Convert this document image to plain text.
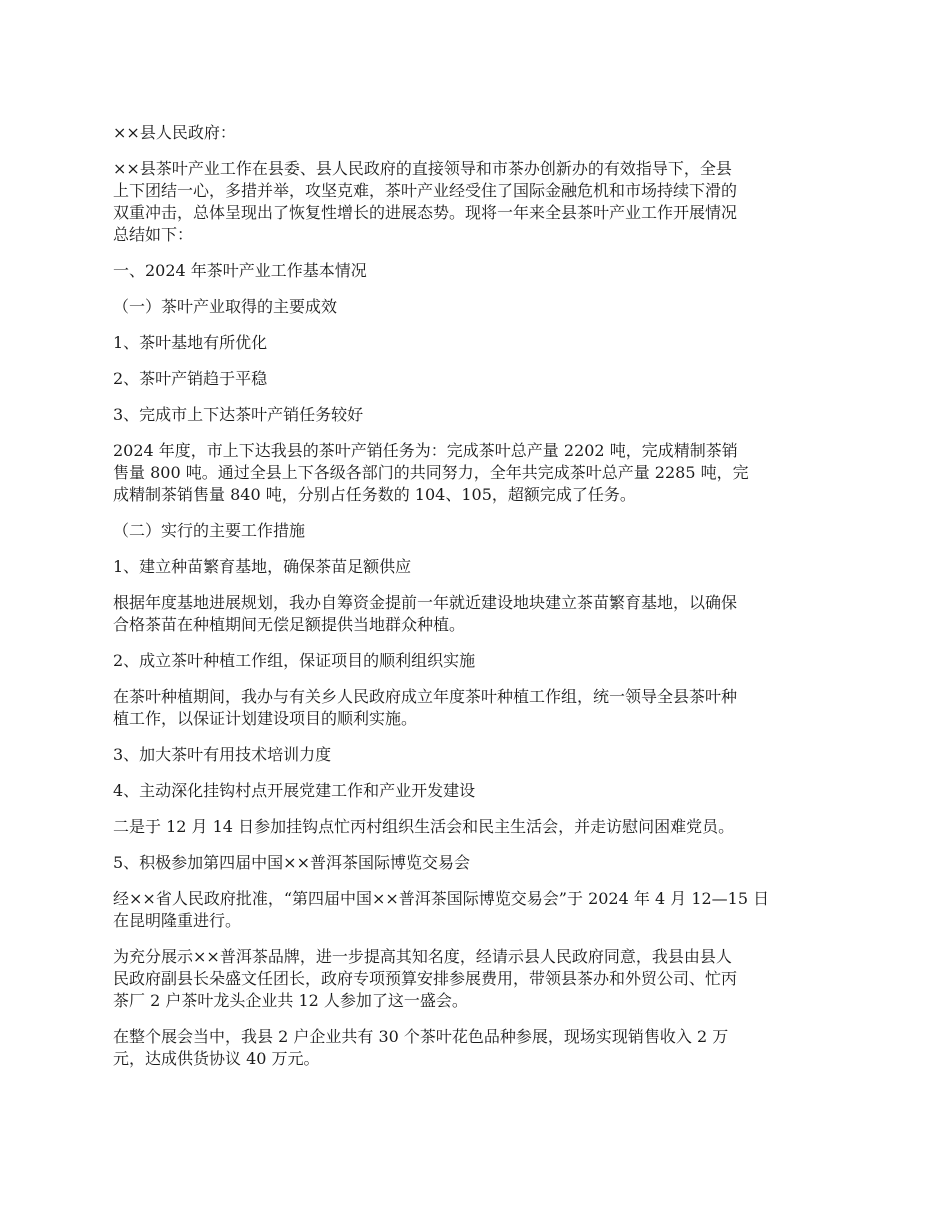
××县人民政府：

××县茶叶产业工作在县委、县人民政府的直接领导和市茶办创新办的有效指导下，全县
上下团结一心，多措并举，攻坚克难，茶叶产业经受住了国际金融危机和市场持续下滑的
双重冲击，总体呈现出了恢复性增长的进展态势。现将一年来全县茶叶产业工作开展情况
总结如下：

一、2024 年茶叶产业工作基本情况

（一）茶叶产业取得的主要成效

1、茶叶基地有所优化

2、茶叶产销趋于平稳

3、完成市上下达茶叶产销任务较好

2024 年度，市上下达我县的茶叶产销任务为：完成茶叶总产量 2202 吨，完成精制茶销
售量 800 吨。通过全县上下各级各部门的共同努力，全年共完成茶叶总产量 2285 吨，完
成精制茶销售量 840 吨，分别占任务数的 104、105，超额完成了任务。

（二）实行的主要工作措施

1、建立种苗繁育基地，确保茶苗足额供应

根据年度基地进展规划，我办自筹资金提前一年就近建设地块建立茶苗繁育基地，以确保
合格茶苗在种植期间无偿足额提供当地群众种植。

2、成立茶叶种植工作组，保证项目的顺利组织实施

在茶叶种植期间，我办与有关乡人民政府成立年度茶叶种植工作组，统一领导全县茶叶种
植工作，以保证计划建设项目的顺利实施。

3、加大茶叶有用技术培训力度

4、主动深化挂钩村点开展党建工作和产业开发建设

二是于 12 月 14 日参加挂钩点忙丙村组织生活会和民主生活会，并走访慰问困难党员。

5、积极参加第四届中国××普洱茶国际博览交易会

经××省人民政府批准，“第四届中国××普洱茶国际博览交易会”于 2024 年 4 月 12—15 日
在昆明隆重进行。

为充分展示××普洱茶品牌，进一步提高其知名度，经请示县人民政府同意，我县由县人
民政府副县长朵盛文任团长，政府专项预算安排参展费用，带领县茶办和外贸公司、忙丙
茶厂 2 户茶叶龙头企业共 12 人参加了这一盛会。

在整个展会当中，我县 2 户企业共有 30 个茶叶花色品种参展，现场实现销售收入 2 万
元，达成供货协议 40 万元。
